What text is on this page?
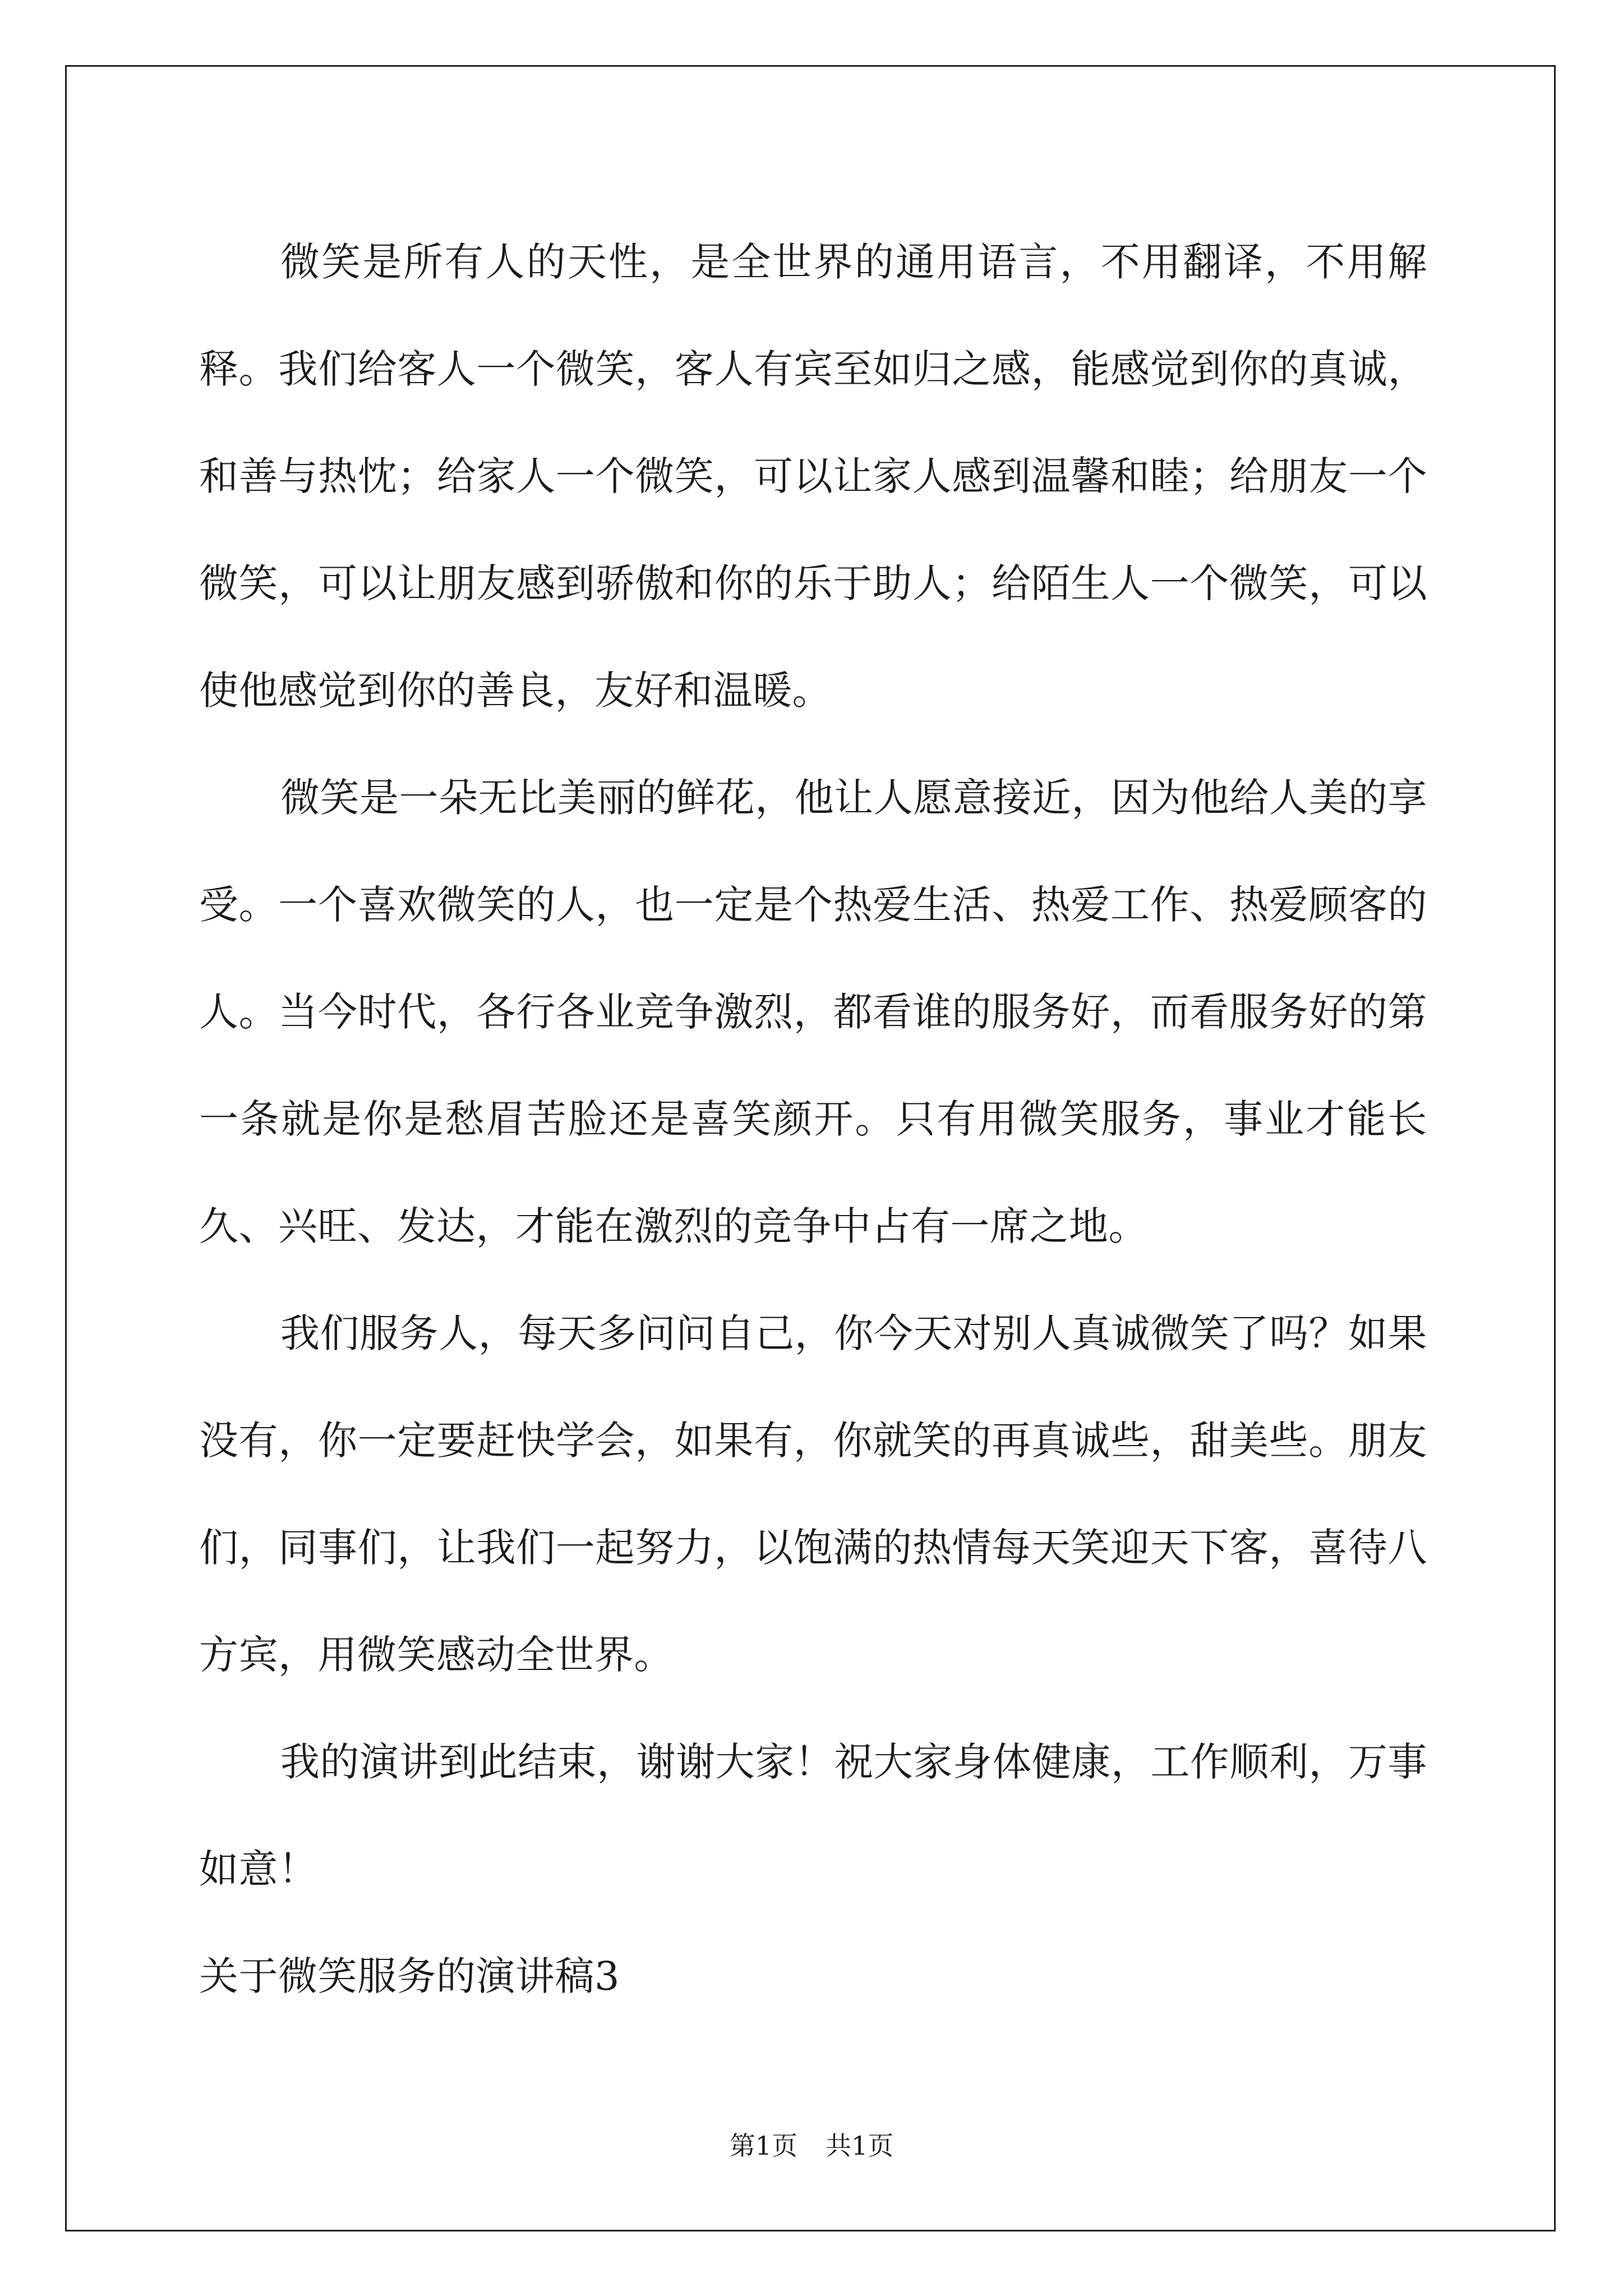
微笑是所有人的天性，是全世界的通用语言，不用翻译，不用解释。我们给客人一个微笑，客人有宾至如归之感，能感觉到你的真诚，和善与热忱；给家人一个微笑，可以让家人感到温馨和睦；给朋友一个微笑，可以让朋友感到骄傲和你的乐于助人；给陌生人一个微笑，可以使他感觉到你的善良，友好和温暖。

微笑是一朵无比美丽的鲜花，他让人愿意接近，因为他给人美的享受。一个喜欢微笑的人，也一定是个热爱生活、热爱工作、热爱顾客的人。当今时代，各行各业竞争激烈，都看谁的服务好，而看服务好的第一条就是你是愁眉苦脸还是喜笑颜开。只有用微笑服务，事业才能长久、兴旺、发达，才能在激烈的竞争中占有一席之地。

我们服务人，每天多问问自己，你今天对别人真诚微笑了吗？如果没有，你一定要赶快学会，如果有，你就笑的再真诚些，甜美些。朋友们，同事们，让我们一起努力，以饱满的热情每天笑迎天下客，喜待八方宾，用微笑感动全世界。

我的演讲到此结束，谢谢大家！祝大家身体健康，工作顺利，万事如意！

关于微笑服务的演讲稿3

第1页 共1页
